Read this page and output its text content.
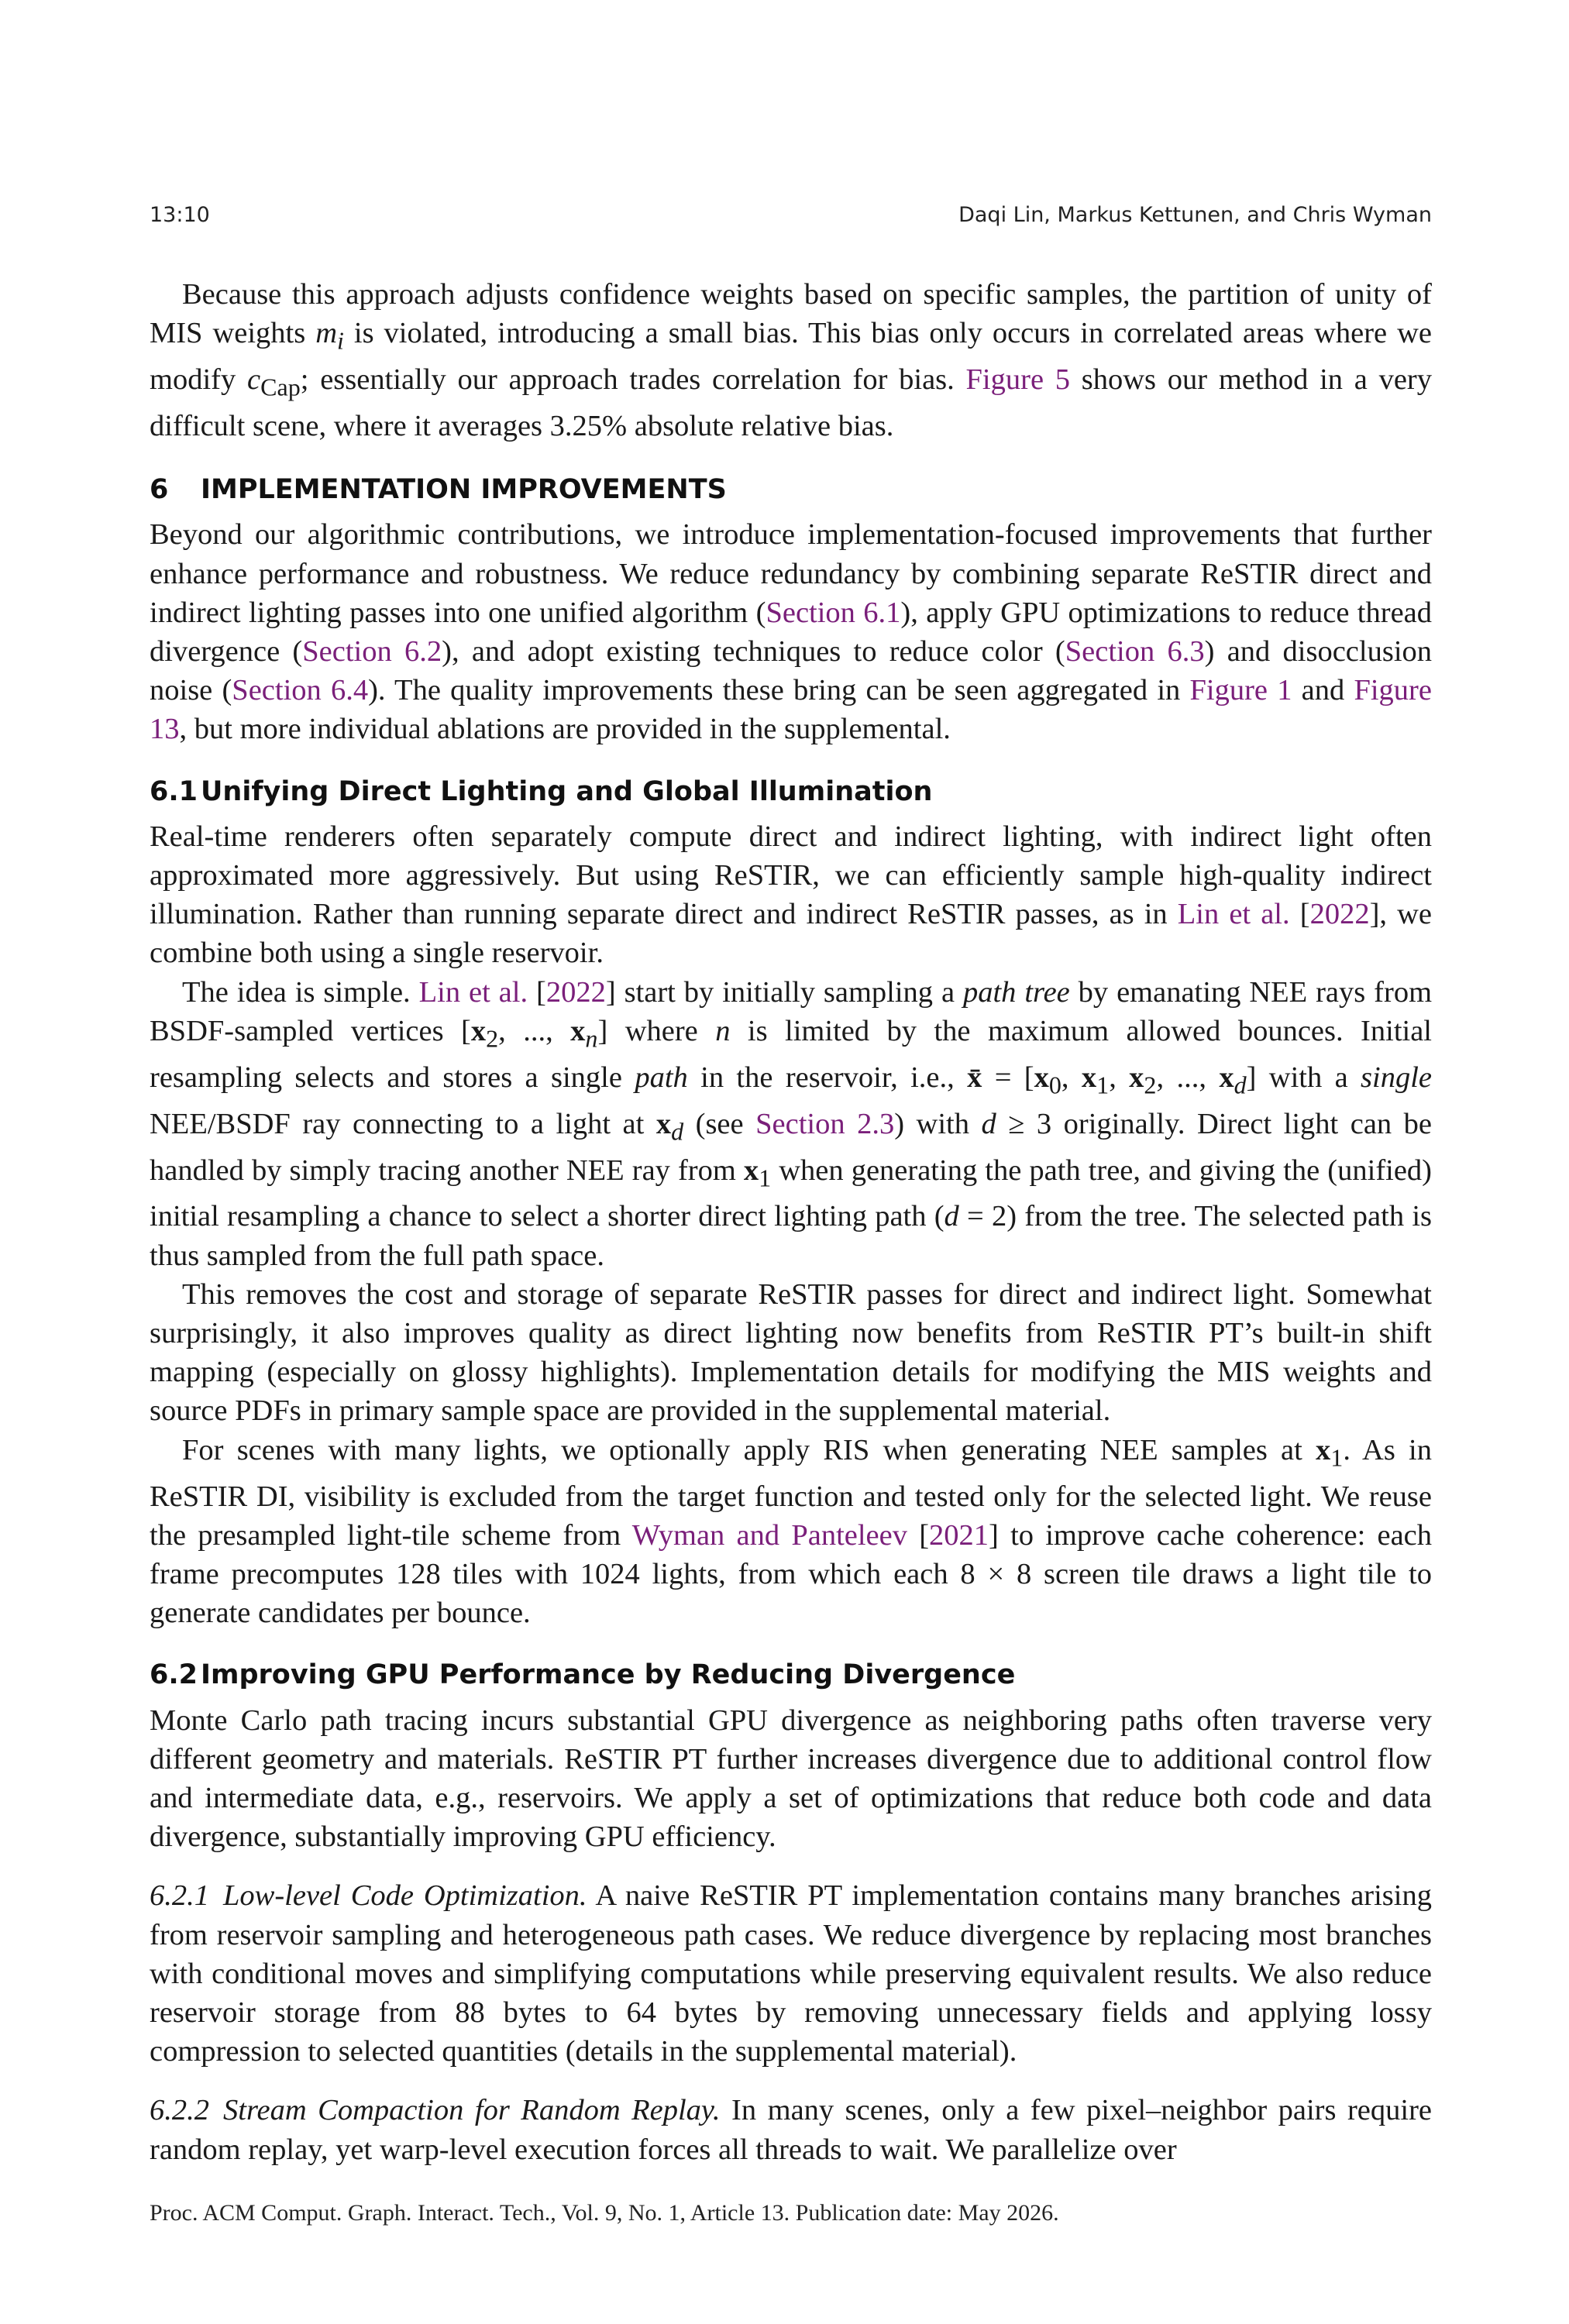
13:10	Daqi Lin, Markus Kettunen, and Chris Wyman

Because this approach adjusts confidence weights based on specific samples, the partition of unity of MIS weights $m_i$ is violated, introducing a small bias. This bias only occurs in correlated areas where we modify $c_{Cap}$; essentially our approach trades correlation for bias. Figure 5 shows our method in a very difficult scene, where it averages 3.25% absolute relative bias.

6 IMPLEMENTATION IMPROVEMENTS

Beyond our algorithmic contributions, we introduce implementation-focused improvements that further enhance performance and robustness. We reduce redundancy by combining separate ReSTIR direct and indirect lighting passes into one unified algorithm (Section 6.1), apply GPU optimizations to reduce thread divergence (Section 6.2), and adopt existing techniques to reduce color (Section 6.3) and disocclusion noise (Section 6.4). The quality improvements these bring can be seen aggregated in Figure 1 and Figure 13, but more individual ablations are provided in the supplemental.

6.1 Unifying Direct Lighting and Global Illumination

Real-time renderers often separately compute direct and indirect lighting, with indirect light often approximated more aggressively. But using ReSTIR, we can efficiently sample high-quality indirect illumination. Rather than running separate direct and indirect ReSTIR passes, as in Lin et al. [2022], we combine both using a single reservoir.

The idea is simple. Lin et al. [2022] start by initially sampling a path tree by emanating NEE rays from BSDF-sampled vertices [$x_2$, ..., $x_n$] where n is limited by the maximum allowed bounces. Initial resampling selects and stores a single path in the reservoir, i.e., x̄ = [$x_0$, $x_1$, $x_2$, ..., $x_d$] with a single NEE/BSDF ray connecting to a light at $x_d$ (see Section 2.3) with d ≥ 3 originally. Direct light can be handled by simply tracing another NEE ray from $x_1$ when generating the path tree, and giving the (unified) initial resampling a chance to select a shorter direct lighting path (d = 2) from the tree. The selected path is thus sampled from the full path space.

This removes the cost and storage of separate ReSTIR passes for direct and indirect light. Somewhat surprisingly, it also improves quality as direct lighting now benefits from ReSTIR PT’s built-in shift mapping (especially on glossy highlights). Implementation details for modifying the MIS weights and source PDFs in primary sample space are provided in the supplemental material.

For scenes with many lights, we optionally apply RIS when generating NEE samples at $x_1$. As in ReSTIR DI, visibility is excluded from the target function and tested only for the selected light. We reuse the presampled light-tile scheme from Wyman and Panteleev [2021] to improve cache coherence: each frame precomputes 128 tiles with 1024 lights, from which each 8 × 8 screen tile draws a light tile to generate candidates per bounce.

6.2 Improving GPU Performance by Reducing Divergence

Monte Carlo path tracing incurs substantial GPU divergence as neighboring paths often traverse very different geometry and materials. ReSTIR PT further increases divergence due to additional control flow and intermediate data, e.g., reservoirs. We apply a set of optimizations that reduce both code and data divergence, substantially improving GPU efficiency.

6.2.1 Low-level Code Optimization. A naive ReSTIR PT implementation contains many branches arising from reservoir sampling and heterogeneous path cases. We reduce divergence by replacing most branches with conditional moves and simplifying computations while preserving equivalent results. We also reduce reservoir storage from 88 bytes to 64 bytes by removing unnecessary fields and applying lossy compression to selected quantities (details in the supplemental material).

6.2.2 Stream Compaction for Random Replay. In many scenes, only a few pixel–neighbor pairs require random replay, yet warp-level execution forces all threads to wait. We parallelize over

Proc. ACM Comput. Graph. Interact. Tech., Vol. 9, No. 1, Article 13. Publication date: May 2026.
